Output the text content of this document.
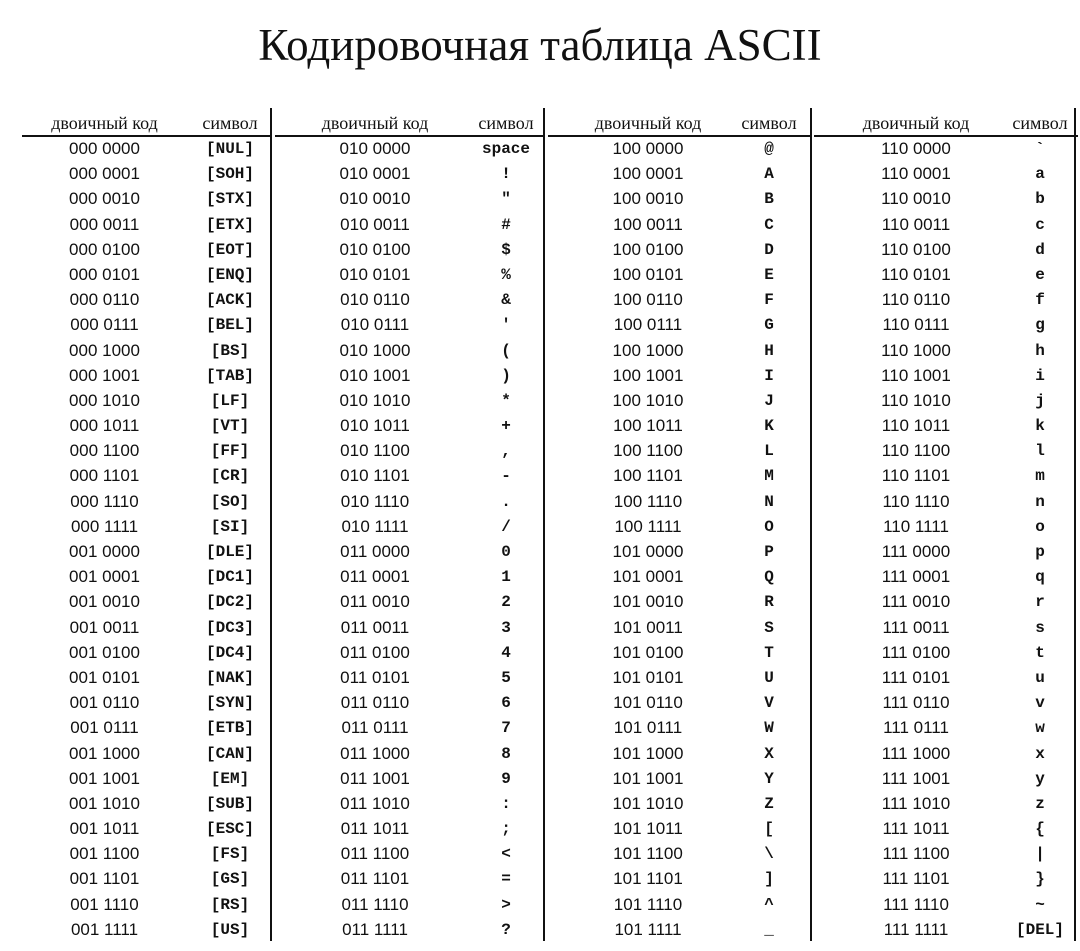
Кодировочная таблица ASCII
двоичный код	символ
000 0000	[NUL]
000 0001	[SOH]
000 0010	[STX]
000 0011	[ETX]
000 0100	[EOT]
000 0101	[ENQ]
000 0110	[ACK]
000 0111	[BEL]
000 1000	[BS]
000 1001	[TAB]
000 1010	[LF]
000 1011	[VT]
000 1100	[FF]
000 1101	[CR]
000 1110	[SO]
000 1111	[SI]
001 0000	[DLE]
001 0001	[DC1]
001 0010	[DC2]
001 0011	[DC3]
001 0100	[DC4]
001 0101	[NAK]
001 0110	[SYN]
001 0111	[ETB]
001 1000	[CAN]
001 1001	[EM]
001 1010	[SUB]
001 1011	[ESC]
001 1100	[FS]
001 1101	[GS]
001 1110	[RS]
001 1111	[US]
двоичный код	символ
010 0000	space
010 0001	!
010 0010	"
010 0011	#
010 0100	$
010 0101	%
010 0110	&
010 0111	'
010 1000	(
010 1001	)
010 1010	*
010 1011	+
010 1100	,
010 1101	-
010 1110	.
010 1111	/
011 0000	0
011 0001	1
011 0010	2
011 0011	3
011 0100	4
011 0101	5
011 0110	6
011 0111	7
011 1000	8
011 1001	9
011 1010	:
011 1011	;
011 1100	<
011 1101	=
011 1110	>
011 1111	?
двоичный код	символ
100 0000	@
100 0001	A
100 0010	B
100 0011	C
100 0100	D
100 0101	E
100 0110	F
100 0111	G
100 1000	H
100 1001	I
100 1010	J
100 1011	K
100 1100	L
100 1101	M
100 1110	N
100 1111	O
101 0000	P
101 0001	Q
101 0010	R
101 0011	S
101 0100	T
101 0101	U
101 0110	V
101 0111	W
101 1000	X
101 1001	Y
101 1010	Z
101 1011	[
101 1100	\
101 1101	]
101 1110	^
101 1111	_
двоичный код	символ
110 0000	`
110 0001	a
110 0010	b
110 0011	c
110 0100	d
110 0101	e
110 0110	f
110 0111	g
110 1000	h
110 1001	i
110 1010	j
110 1011	k
110 1100	l
110 1101	m
110 1110	n
110 1111	o
111 0000	p
111 0001	q
111 0010	r
111 0011	s
111 0100	t
111 0101	u
111 0110	v
111 0111	w
111 1000	x
111 1001	y
111 1010	z
111 1011	{
111 1100	|
111 1101	}
111 1110	~
111 1111	[DEL]
